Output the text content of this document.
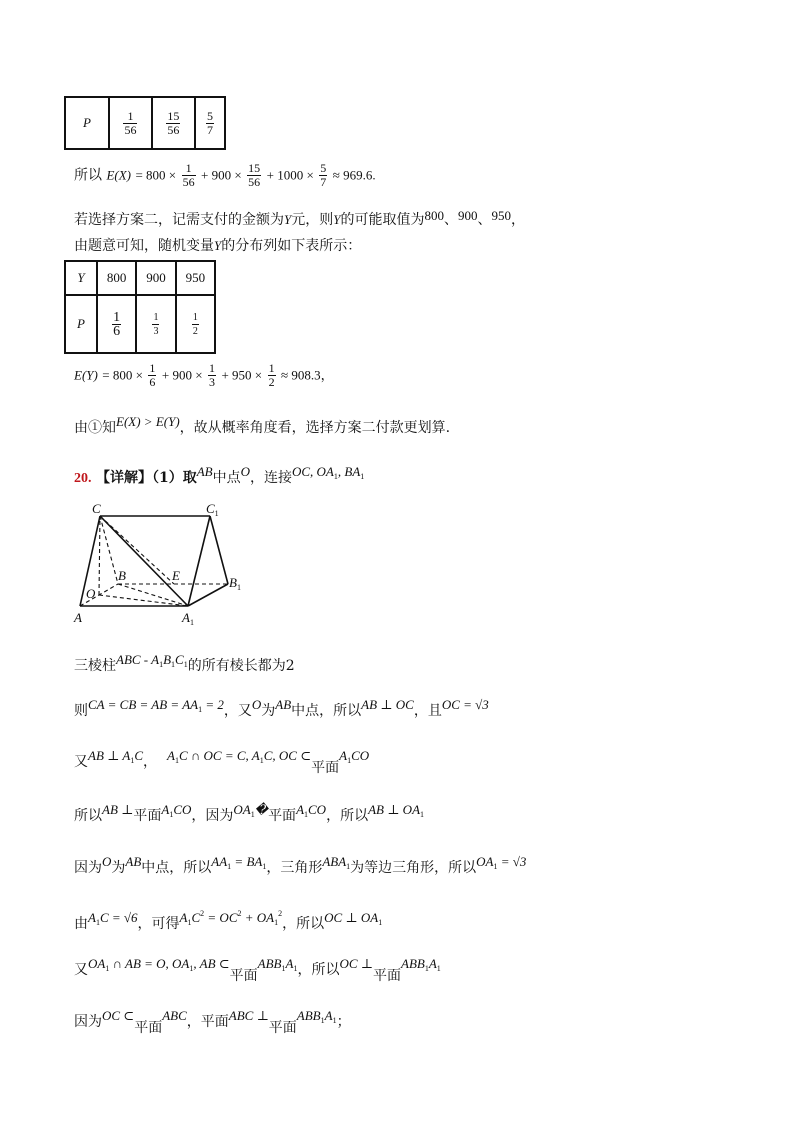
P	$\frac{1}{56}$	$\frac{15}{56}$	$\frac{5}{7}$
所以 $E(X) = 800 \times \frac{1}{56} + 900 \times \frac{15}{56} + 1000 \times \frac{5}{7} \approx 969.6$.
若选择方案二，记需支付的金额为Y元，则Y的可能取值为800、900、950，
由题意可知，随机变量Y的分布列如下表所示：
Y	800	900	950
P	$\frac{1}{6}$	$\frac{1}{3}$	$\frac{1}{2}$
$E(Y) = 800 \times \frac{1}{6} + 900 \times \frac{1}{3} + 950 \times \frac{1}{2} \approx 908.3$，
由①知E(X) > E(Y)，故从概率角度看，选择方案二付款更划算.
20. 【详解】（1）取AB中点O，连接OC, $OA_1$, $BA_1$
C	$C_1$
B	E	$B_1$
O
A	$A_1$
三棱柱ABC - $A_1B_1C_1$的所有棱长都为2
则CA = CB = AB = $AA_1 = 2$，又O为AB中点，所以AB ⊥ OC，且OC = √3
又AB ⊥ $A_1C$， $A_1C$ ∩ OC = C, $A_1C$, OC ⊂平面$A_1CO$
所以AB ⊥平面$A_1CO$，因为$OA_1�$平面$A_1CO$，所以AB ⊥ $OA_1$
因为O为AB中点，所以$AA_1 = BA_1$，三角形$ABA_1$为等边三角形，所以$OA_1 = √3$
由$A_1C = √6$，可得$A_1C^2 = OC^2 + OA_1^2$，所以OC ⊥ $OA_1$
又$OA_1$ ∩ AB = O, $OA_1$, AB ⊂平面$ABB_1A_1$，所以OC ⊥平面$ABB_1A_1$
因为OC ⊂平面ABC，平面ABC ⊥平面$ABB_1A_1$；
